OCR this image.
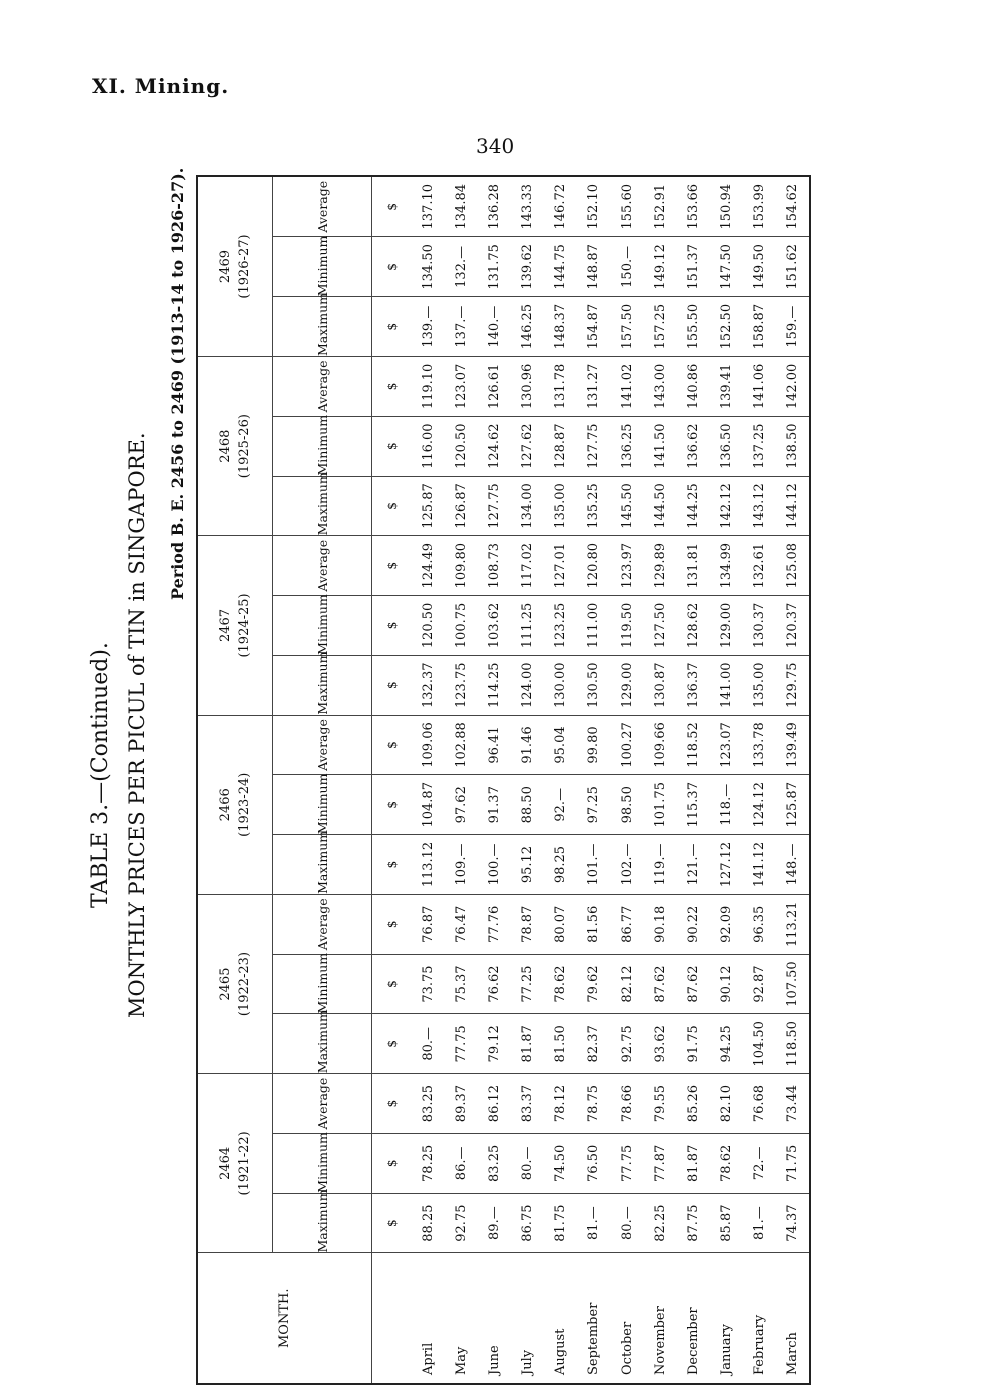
XI. Mining.
340
TABLE 3.—(Continued). MONTHLY PRICES PER PICUL of TIN in SINGAPORE.
Period B. E. 2456 to 2469 (1913-14 to 1926-27).
MONTH.	2464 (1921-22)			2465 (1922-23)			2466 (1923-24)			2467 (1924-25)			2468 (1925-26)			2469 (1926-27)		
	Maximum	Minimum	Average	Maximum	Minimum	Average	Maximum	Minimum	Average	Maximum	Minimum	Average	Maximum	Minimum	Average	Maximum	Minimum	Average
	$	$	$	$	$	$	$	$	$	$	$	$	$	$	$	$	$	$
April	88.25	78.25	83.25	80.—	73.75	76.87	113.12	104.87	109.06	132.37	120.50	124.49	125.87	116.00	119.10	139.—	134.50	137.10
May	92.75	86.—	89.37	77.75	75.37	76.47	109.—	97.62	102.88	123.75	100.75	109.80	126.87	120.50	123.07	137.—	132.—	134.84
June	89.—	83.25	86.12	79.12	76.62	77.76	100.—	91.37	96.41	114.25	103.62	108.73	127.75	124.62	126.61	140.—	131.75	136.28
July	86.75	80.—	83.37	81.87	77.25	78.87	95.12	88.50	91.46	124.00	111.25	117.02	134.00	127.62	130.96	146.25	139.62	143.33
August	81.75	74.50	78.12	81.50	78.62	80.07	98.25	92.—	95.04	130.00	123.25	127.01	135.00	128.87	131.78	148.37	144.75	146.72
September	81.—	76.50	78.75	82.37	79.62	81.56	101.—	97.25	99.80	130.50	111.00	120.80	135.25	127.75	131.27	154.87	148.87	152.10
October	80.—	77.75	78.66	92.75	82.12	86.77	102.—	98.50	100.27	129.00	119.50	123.97	145.50	136.25	141.02	157.50	150.—	155.60
November	82.25	77.87	79.55	93.62	87.62	90.18	119.—	101.75	109.66	130.87	127.50	129.89	144.50	141.50	143.00	157.25	149.12	152.91
December	87.75	81.87	85.26	91.75	87.62	90.22	121.—	115.37	118.52	136.37	128.62	131.81	144.25	136.62	140.86	155.50	151.37	153.66
January	85.87	78.62	82.10	94.25	90.12	92.09	127.12	118.—	123.07	141.00	129.00	134.99	142.12	136.50	139.41	152.50	147.50	150.94
February	81.—	72.—	76.68	104.50	92.87	96.35	141.12	124.12	133.78	135.00	130.37	132.61	143.12	137.25	141.06	158.87	149.50	153.99
March	74.37	71.75	73.44	118.50	107.50	113.21	148.—	125.87	139.49	129.75	120.37	125.08	144.12	138.50	142.00	159.—	151.62	154.62
